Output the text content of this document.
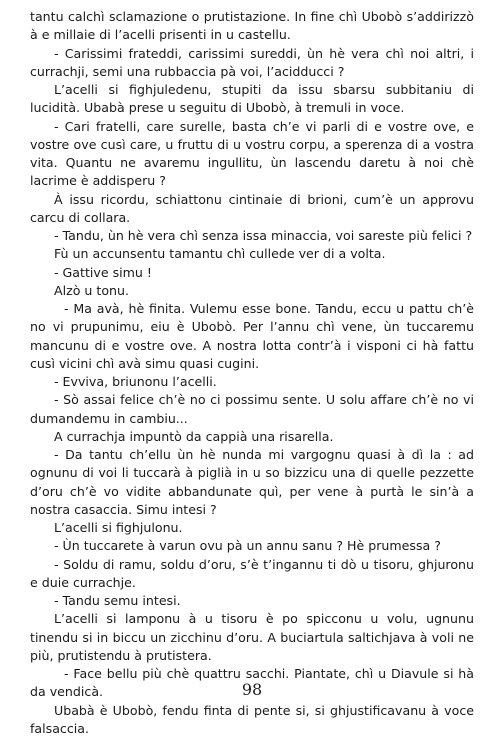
tantu calchì sclamazione o prutistazione. In fine chì Ubobò s’addirizzò à e millaie di l’acelli prisenti in u castellu.

- Carissimi frateddi, carissimi sureddi, ùn hè vera chì noi altri, i currachji, semi una rubbaccia pà voi, l’acidducci ?

L’acelli si fighjuledenu, stupiti da issu sbarsu subbitaniu di lucidità. Ubabà prese u seguitu di Ubobò, à tremuli in voce.

- Cari fratelli, care surelle, basta ch’e vi parli di e vostre ove, e vostre ove cusì care, u fruttu di u vostru corpu, a sperenza di a vostra vita. Quantu ne avaremu ingullitu, ùn lascendu daretu à noi chè lacrime è addisperu ?

À issu ricordu, schiattonu cintinaie di brioni, cum’è un approvu carcu di collara.

- Tandu, ùn hè vera chì senza issa minaccia, voi sareste più felici ?

Fù un accunsentu tamantu chì cullede ver di a volta.

- Gattive simu !

Alzò u tonu.

- Ma avà, hè finita. Vulemu esse bone. Tandu, eccu u pattu ch’è no vi prupunimu, eiu è Ubobò. Per l’annu chì vene, ùn tuccaremu mancunu di e vostre ove. A nostra lotta contr’à i visponi ci hà fattu cusì vicini chì avà simu quasi cugini.

- Evviva, briunonu l’acelli.

- Sò assai felice ch’è no ci possimu sente. U solu affare ch’è no vi dumandemu in cambiu...

A currachja impuntò da cappià una risarella.

- Da tantu ch’ellu ùn hè nunda mi vargognu quasi à dì la : ad ognunu di voi li tuccarà à piglià in u so bizzicu una di quelle pezzette d’oru ch’è vo vidite abbandunate quì, per vene à purtà le sin’à a nostra casaccia. Simu intesi ?

L’acelli si fighjulonu.

- Ùn tuccarete à varun ovu pà un annu sanu ? Hè prumessa ?

- Soldu di ramu, soldu d’oru, s’è t’ingannu ti dò u tisoru, ghjuronu e duie currachje.

- Tandu semu intesi.

L’acelli si lamponu à u tisoru è po spicconu u volu, ugnunu tinendu si in biccu un zicchinu d’oru. A buciartula saltichjava à voli ne più, prutistendu à prutistera.

- Face bellu più chè quattru sacchi. Piantate, chì u Diavule si hà da vendicà.

Ubabà è Ubobò, fendu finta di pente si, si ghjustificavanu à voce falsaccia.

98
